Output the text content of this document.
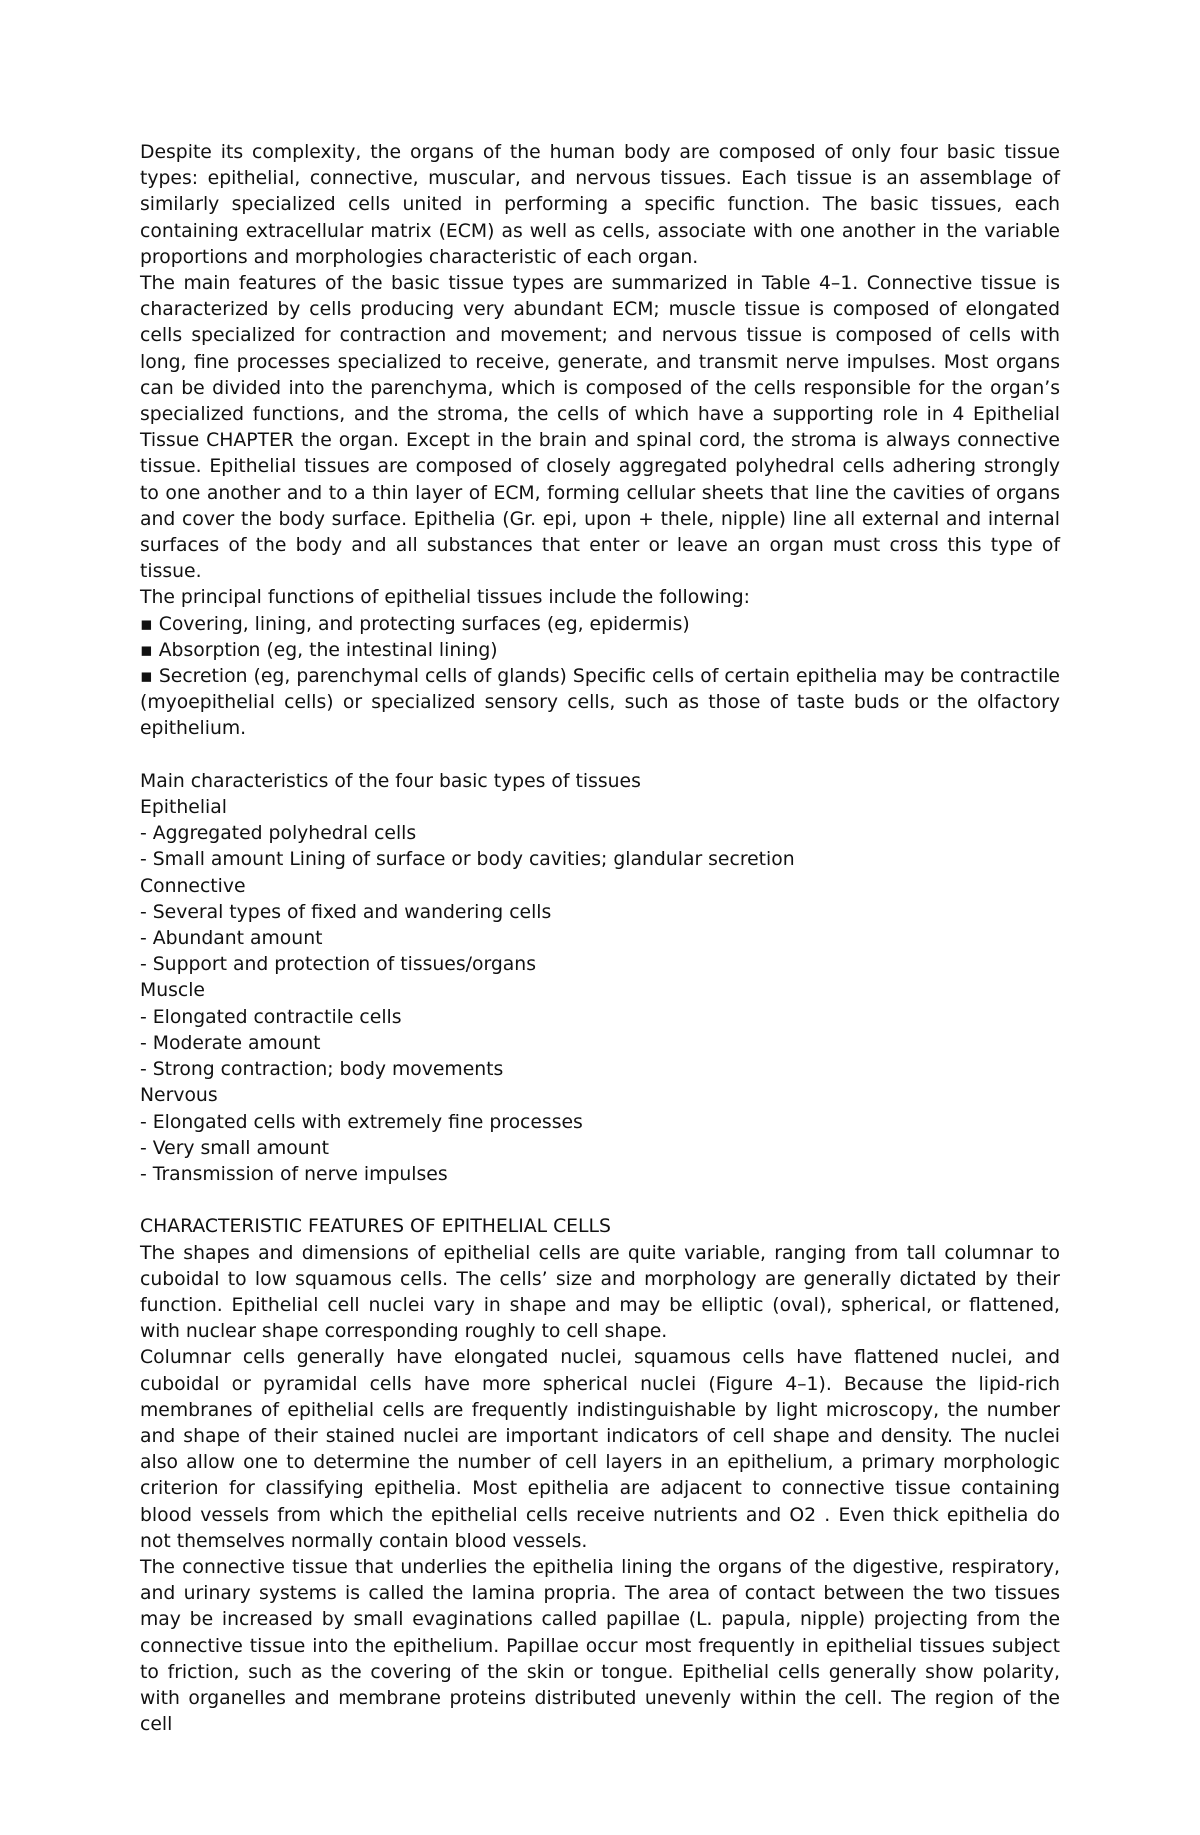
Despite its complexity, the organs of the human body are composed of only four basic tissue types: epithelial, connective, muscular, and nervous tissues. Each tissue is an assemblage of similarly specialized cells united in performing a specific function. The basic tissues, each containing extracellular matrix (ECM) as well as cells, associate with one another in the variable proportions and morphologies characteristic of each organ.

The main features of the basic tissue types are summarized in Table 4–1. Connective tissue is characterized by cells producing very abundant ECM; muscle tissue is composed of elongated cells specialized for contraction and movement; and nervous tissue is composed of cells with long, fine processes specialized to receive, generate, and transmit nerve impulses. Most organs can be divided into the parenchyma, which is composed of the cells responsible for the organ’s specialized functions, and the stroma, the cells of which have a supporting role in 4 Epithelial Tissue CHAPTER the organ. Except in the brain and spinal cord, the stroma is always connective tissue. Epithelial tissues are composed of closely aggregated polyhedral cells adhering strongly to one another and to a thin layer of ECM, forming cellular sheets that line the cavities of organs and cover the body surface. Epithelia (Gr. epi, upon + thele, nipple) line all external and internal surfaces of the body and all substances that enter or leave an organ must cross this type of tissue.

The principal functions of epithelial tissues include the following:

▪ Covering, lining, and protecting surfaces (eg, epidermis)

▪ Absorption (eg, the intestinal lining)

▪ Secretion (eg, parenchymal cells of glands) Specific cells of certain epithelia may be contractile (myoepithelial cells) or specialized sensory cells, such as those of taste buds or the olfactory epithelium.

Main characteristics of the four basic types of tissues

Epithelial

- Aggregated polyhedral cells

- Small amount Lining of surface or body cavities; glandular secretion

Connective

- Several types of fixed and wandering cells

- Abundant amount

- Support and protection of tissues/organs

Muscle

- Elongated contractile cells

- Moderate amount

- Strong contraction; body movements

Nervous

- Elongated cells with extremely fine processes

- Very small amount

- Transmission of nerve impulses

CHARACTERISTIC FEATURES OF EPITHELIAL CELLS

The shapes and dimensions of epithelial cells are quite variable, ranging from tall columnar to cuboidal to low squamous cells. The cells’ size and morphology are generally dictated by their function. Epithelial cell nuclei vary in shape and may be elliptic (oval), spherical, or flattened, with nuclear shape corresponding roughly to cell shape.

Columnar cells generally have elongated nuclei, squamous cells have flattened nuclei, and cuboidal or pyramidal cells have more spherical nuclei (Figure 4–1). Because the lipid-rich membranes of epithelial cells are frequently indistinguishable by light microscopy, the number and shape of their stained nuclei are important indicators of cell shape and density. The nuclei also allow one to determine the number of cell layers in an epithelium, a primary morphologic criterion for classifying epithelia. Most epithelia are adjacent to connective tissue containing blood vessels from which the epithelial cells receive nutrients and O2 . Even thick epithelia do not themselves normally contain blood vessels.

The connective tissue that underlies the epithelia lining the organs of the digestive, respiratory, and urinary systems is called the lamina propria. The area of contact between the two tissues may be increased by small evaginations called papillae (L. papula, nipple) projecting from the connective tissue into the epithelium. Papillae occur most frequently in epithelial tissues subject to friction, such as the covering of the skin or tongue. Epithelial cells generally show polarity, with organelles and membrane proteins distributed unevenly within the cell. The region of the cell
